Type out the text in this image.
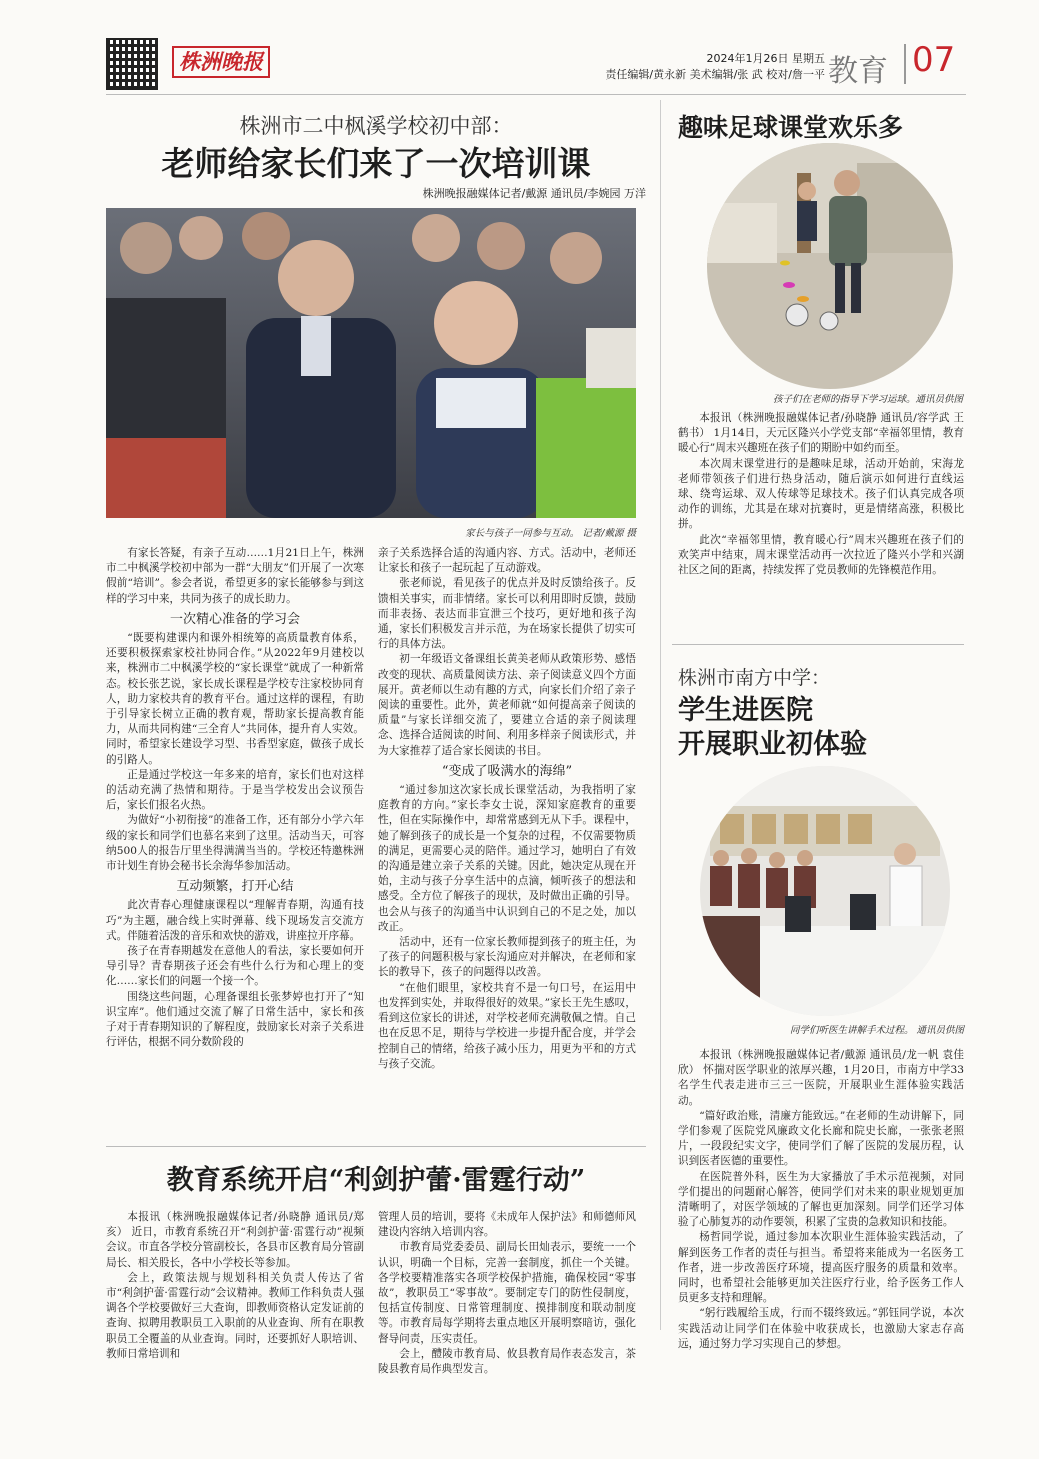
株洲晚报	2024年1月26日 星期五
责任编辑/黄永新 美术编辑/张 武 校对/詹一平 教育 07
株洲市二中枫溪学校初中部：
老师给家长们来了一次培训课
株洲晚报融媒体记者/戴源 通讯员/李婉园 万洋
家长与孩子一同参与互动。 记者/戴源 摄

有家长答疑，有亲子互动……1月21日上午，株洲市二中枫溪学校初中部为一群“大朋友”们开展了一次寒假前“培训”。参会者说，希望更多的家长能够参与到这样的学习中来，共同为孩子的成长助力。

一次精心准备的学习会

“既要构建课内和课外相统筹的高质量教育体系，还要积极探索家校社协同合作。”从2022年9月建校以来，株洲市二中枫溪学校的“家长课堂”就成了一种新常态。校长张艺说，家长成长课程是学校专注家校协同育人，助力家校共育的教育平台。通过这样的课程，有助于引导家长树立正确的教育观，帮助家长提高教育能力，从而共同构建“三全育人”共同体，提升育人实效。同时，希望家长建设学习型、书香型家庭，做孩子成长的引路人。

正是通过学校这一年多来的培育，家长们也对这样的活动充满了热情和期待。于是当学校发出会议预告后，家长们报名火热。

为做好“小初衔接”的准备工作，还有部分小学六年级的家长和同学们也慕名来到了这里。活动当天，可容纳500人的报告厅里坐得满满当当的。学校还特邀株洲市计划生育协会秘书长余海华参加活动。

互动频繁，打开心结

此次青春心理健康课程以“理解青春期，沟通有技巧”为主题，融合线上实时弹幕、线下现场发言交流方式。伴随着活泼的音乐和欢快的游戏，讲座拉开序幕。

孩子在青春期越发在意他人的看法，家长要如何开导引导？青春期孩子还会有些什么行为和心理上的变化……家长们的问题一个接一个。

围绕这些问题，心理备课组长张梦婷也打开了“知识宝库”。他们通过交流了解了日常生活中，家长和孩子对于青春期知识的了解程度，鼓励家长对亲子关系进行评估，根据不同分数阶段的

亲子关系选择合适的沟通内容、方式。活动中，老师还让家长和孩子一起玩起了互动游戏。

张老师说，看见孩子的优点并及时反馈给孩子。反馈相关事实，而非情绪。家长可以利用即时反馈，鼓励而非表扬、表达而非宣泄三个技巧，更好地和孩子沟通，家长们积极发言并示范，为在场家长提供了切实可行的具体方法。

初一年级语文备课组长黄美老师从政策形势、感悟改变的现状、高质量阅读方法、亲子阅读意义四个方面展开。黄老师以生动有趣的方式，向家长们介绍了亲子阅读的重要性。此外，黄老师就“如何提高亲子阅读的质量”与家长详细交流了，要建立合适的亲子阅读理念、选择合适阅读的时间、利用多样亲子阅读形式，并为大家推荐了适合家长阅读的书目。

“变成了吸满水的海绵”

“通过参加这次家长成长课堂活动，为我指明了家庭教育的方向。”家长李女士说，深知家庭教育的重要性，但在实际操作中，却常常感到无从下手。课程中，她了解到孩子的成长是一个复杂的过程，不仅需要物质的满足，更需要心灵的陪伴。通过学习，她明白了有效的沟通是建立亲子关系的关键。因此，她决定从现在开始，主动与孩子分享生活中的点滴，倾听孩子的想法和感受。全方位了解孩子的现状，及时做出正确的引导。也会从与孩子的沟通当中认识到自己的不足之处，加以改正。

活动中，还有一位家长教师提到孩子的班主任，为了孩子的问题积极与家长沟通应对并解决，在老师和家长的教导下，孩子的问题得以改善。

“在他们眼里，家校共育不是一句口号，在运用中也发挥到实处，并取得很好的效果。”家长王先生感叹，看到这位家长的讲述，对学校老师充满敬佩之情。自己也在反思不足，期待与学校进一步提升配合度，并学会控制自己的情绪，给孩子减小压力，用更为平和的方式与孩子交流。

趣味足球课堂欢乐多
孩子们在老师的指导下学习运球。通讯员供图

本报讯（株洲晚报融媒体记者/孙晓静 通讯员/容学武 王鹤书） 1月14日，天元区隆兴小学党支部“幸福邻里情，教育暖心行”周末兴趣班在孩子们的期盼中如约而至。

本次周末课堂进行的是趣味足球，活动开始前，宋海龙老师带领孩子们进行热身活动，随后演示如何进行直线运球、绕弯运球、双人传球等足球技术。孩子们认真完成各项动作的训练，尤其是在球对抗赛时，更是情绪高涨，积极比拼。

此次“幸福邻里情，教育暖心行”周末兴趣班在孩子们的欢笑声中结束，周末课堂活动再一次拉近了隆兴小学和兴湖社区之间的距离，持续发挥了党员教师的先锋模范作用。

株洲市南方中学：
学生进医院
开展职业初体验
同学们听医生讲解手术过程。 通讯员供图

本报讯（株洲晚报融媒体记者/戴源 通讯员/龙一帆 袁佳欣） 怀揣对医学职业的浓厚兴趣，1月20日，市南方中学33名学生代表走进市三三一医院，开展职业生涯体验实践活动。

“篇好政治账，清廉方能致远。”在老师的生动讲解下，同学们参观了医院党风廉政文化长廊和院史长廊，一张张老照片，一段段纪实文字，使同学们了解了医院的发展历程，认识到医者医德的重要性。

在医院普外科，医生为大家播放了手术示范视频，对同学们提出的问题耐心解答，使同学们对未来的职业规划更加清晰明了，对医学领域的了解也更加深刻。同学们还学习体验了心肺复苏的动作要领，积累了宝贵的急救知识和技能。

杨哲同学说，通过参加本次职业生涯体验实践活动，了解到医务工作者的责任与担当。希望将来能成为一名医务工作者，进一步改善医疗环境，提高医疗服务的质量和效率。同时，也希望社会能够更加关注医疗行业，给予医务工作人员更多支持和理解。

“躬行践履给玉成，行而不辍终致远。”郭钰同学说，本次实践活动让同学们在体验中收获成长，也激励大家志存高远，通过努力学习实现自己的梦想。

教育系统开启“利剑护蕾·雷霆行动”

本报讯（株洲晚报融媒体记者/孙晓静 通讯员/郑亥） 近日，市教育系统召开“利剑护蕾·雷霆行动”视频会议。市直各学校分管副校长，各县市区教育局分管副局长、相关股长，各中小学校长等参加。

会上，政策法规与规划科相关负责人传达了省市“利剑护蕾·雷霆行动”会议精神。教师工作科负责人强调各个学校要做好三大查询，即教师资格认定发证前的查询、拟聘用教职员工入职前的从业查询、所有在职教职员工全覆盖的从业查询。同时，还要抓好人职培训、教师日常培训和

管理人员的培训，要将《未成年人保护法》和师德师风建设内容纳入培训内容。

市教育局党委委员、副局长田灿表示，要统一一个认识，明确一个目标，完善一套制度，抓住一个关键。各学校要精准落实各项学校保护措施，确保校园“零事故”，教职员工“零事故”。要制定专门的防性侵制度，包括宣传制度、日常管理制度、摸排制度和联动制度等。市教育局每学期将去重点地区开展明察暗访，强化督导问责，压实责任。

会上，醴陵市教育局、攸县教育局作表态发言，茶陵县教育局作典型发言。
